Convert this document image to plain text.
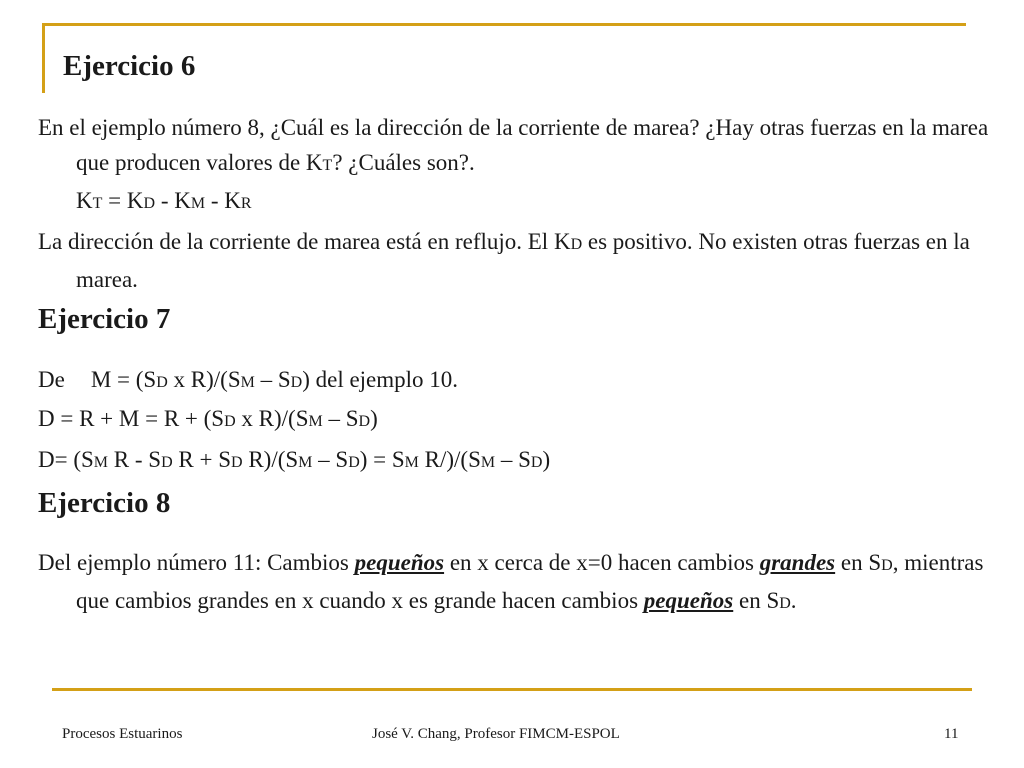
Ejercicio 6
En el ejemplo número 8, ¿Cuál es la dirección de la corriente de marea? ¿Hay otras fuerzas en la marea que producen valores de KT? ¿Cuáles son?.
KT = KD - KM - KR
La dirección de la corriente de marea está en reflujo. El KD es positivo. No existen otras fuerzas en la marea.
Ejercicio 7
De M = (SD x R)/(SM – SD) del ejemplo 10.
D = R + M = R + (SD x R)/(SM – SD)
D= (SM R - SD R + SD R)/(SM – SD) = SM R/)/(SM – SD)
Ejercicio 8
Del ejemplo número 11: Cambios pequeños en x cerca de x=0 hacen cambios grandes en SD, mientras que cambios grandes en x cuando x es grande hacen cambios pequeños en SD.
Procesos Estuarinos	José V. Chang, Profesor FIMCM-ESPOL	11
